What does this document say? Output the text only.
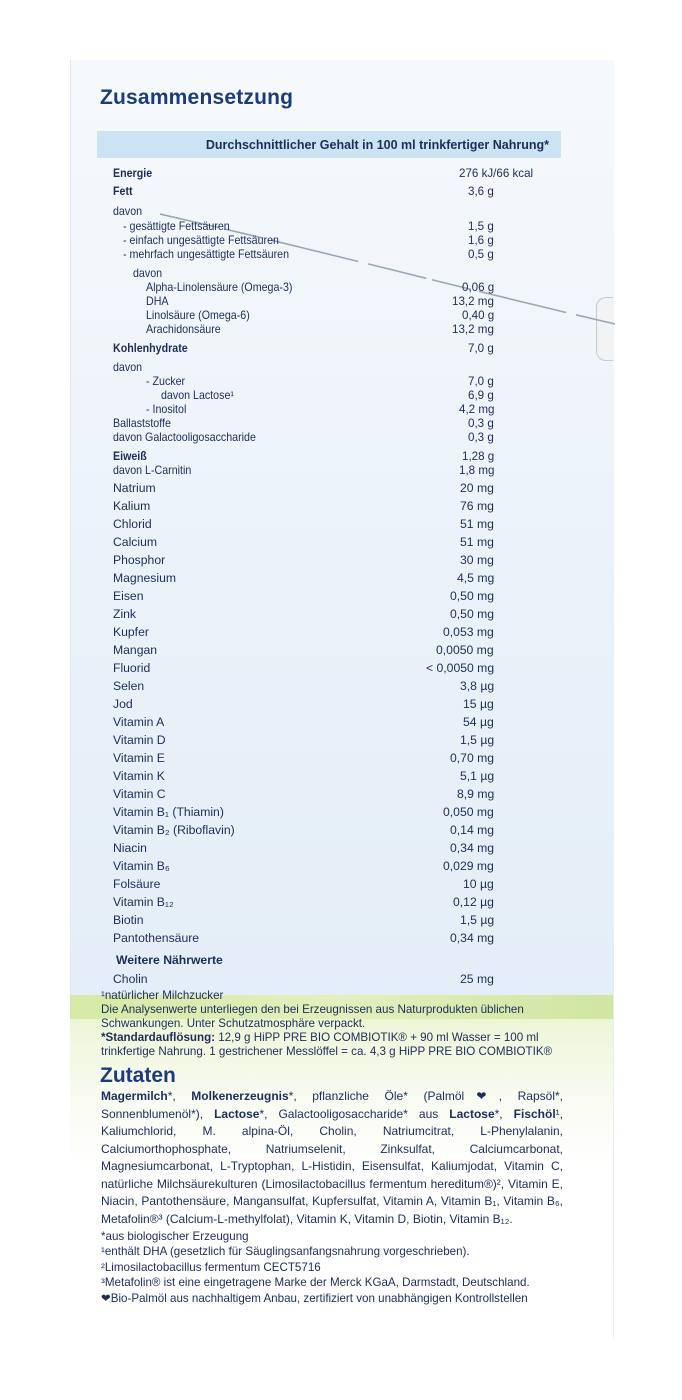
Zusammensetzung
Durchschnittlicher Gehalt in 100 ml trinkfertiger Nahrung*
Energie	276 kJ/66 kcal
Fett	3,6 g
davon
- gesättigte Fettsäuren	1,5 g
- einfach ungesättigte Fettsäuren	1,6 g
- mehrfach ungesättigte Fettsäuren	0,5 g
davon
Alpha-Linolensäure (Omega-3)	0,06 g
DHA	13,2 mg
Linolsäure (Omega-6)	0,40 g
Arachidonsäure	13,2 mg
Kohlenhydrate	7,0 g
davon
- Zucker	7,0 g
davon Lactose¹	6,9 g
- Inositol	4,2 mg
Ballaststoffe	0,3 g
davon Galactooligosaccharide	0,3 g
Eiweiß	1,28 g
davon L-Carnitin	1,8 mg
Natrium	20 mg
Kalium	76 mg
Chlorid	51 mg
Calcium	51 mg
Phosphor	30 mg
Magnesium	4,5 mg
Eisen	0,50 mg
Zink	0,50 mg
Kupfer	0,053 mg
Mangan	0,0050 mg
Fluorid	< 0,0050 mg
Selen	3,8 µg
Jod	15 µg
Vitamin A	54 µg
Vitamin D	1,5 µg
Vitamin E	0,70 mg
Vitamin K	5,1 µg
Vitamin C	8,9 mg
Vitamin B₁ (Thiamin)	0,050 mg
Vitamin B₂ (Riboflavin)	0,14 mg
Niacin	0,34 mg
Vitamin B₆	0,029 mg
Folsäure	10 µg
Vitamin B₁₂	0,12 µg
Biotin	1,5 µg
Pantothensäure	0,34 mg
Weitere Nährwerte
Cholin	25 mg

¹natürlicher Milchzucker

Die Analysenwerte unterliegen den bei Erzeugnissen aus Naturprodukten üblichen Schwankungen. Unter Schutzatmosphäre verpackt.

*Standardauflösung: 12,9 g HiPP PRE BIO COMBIOTIK® + 90 ml Wasser = 100 ml trinkfertige Nahrung. 1 gestrichener Messlöffel = ca. 4,3 g HiPP PRE BIO COMBIOTIK®

Zutaten
Magermilch*, Molkenerzeugnis*, pflanzliche Öle* (Palmöl❤, Rapsöl*, Sonnenblumenöl*), Lactose*, Galactooligosaccharide* aus Lactose*, Fischöl¹, Kaliumchlorid, M. alpina-Öl, Cholin, Natriumcitrat, L-Phenylalanin, Calciumorthophosphate, Natriumselenit, Zinksulfat, Calciumcarbonat, Magnesiumcarbonat, L-Tryptophan, L-Histidin, Eisensulfat, Kaliumjodat, Vitamin C, natürliche Milchsäurekulturen (Limosilactobacillus fermentum hereditum®)², Vitamin E, Niacin, Pantothensäure, Mangansulfat, Kupfersulfat, Vitamin A, Vitamin B₁, Vitamin B₆, Metafolin®³ (Calcium-L-methylfolat), Vitamin K, Vitamin D, Biotin, Vitamin B₁₂.

*aus biologischer Erzeugung

¹enthält DHA (gesetzlich für Säuglingsanfangsnahrung vorgeschrieben).

²Limosilactobacillus fermentum CECT5716

³Metafolin® ist eine eingetragene Marke der Merck KGaA, Darmstadt, Deutschland.

❤Bio-Palmöl aus nachhaltigem Anbau, zertifiziert von unabhängigen Kontrollstellen
